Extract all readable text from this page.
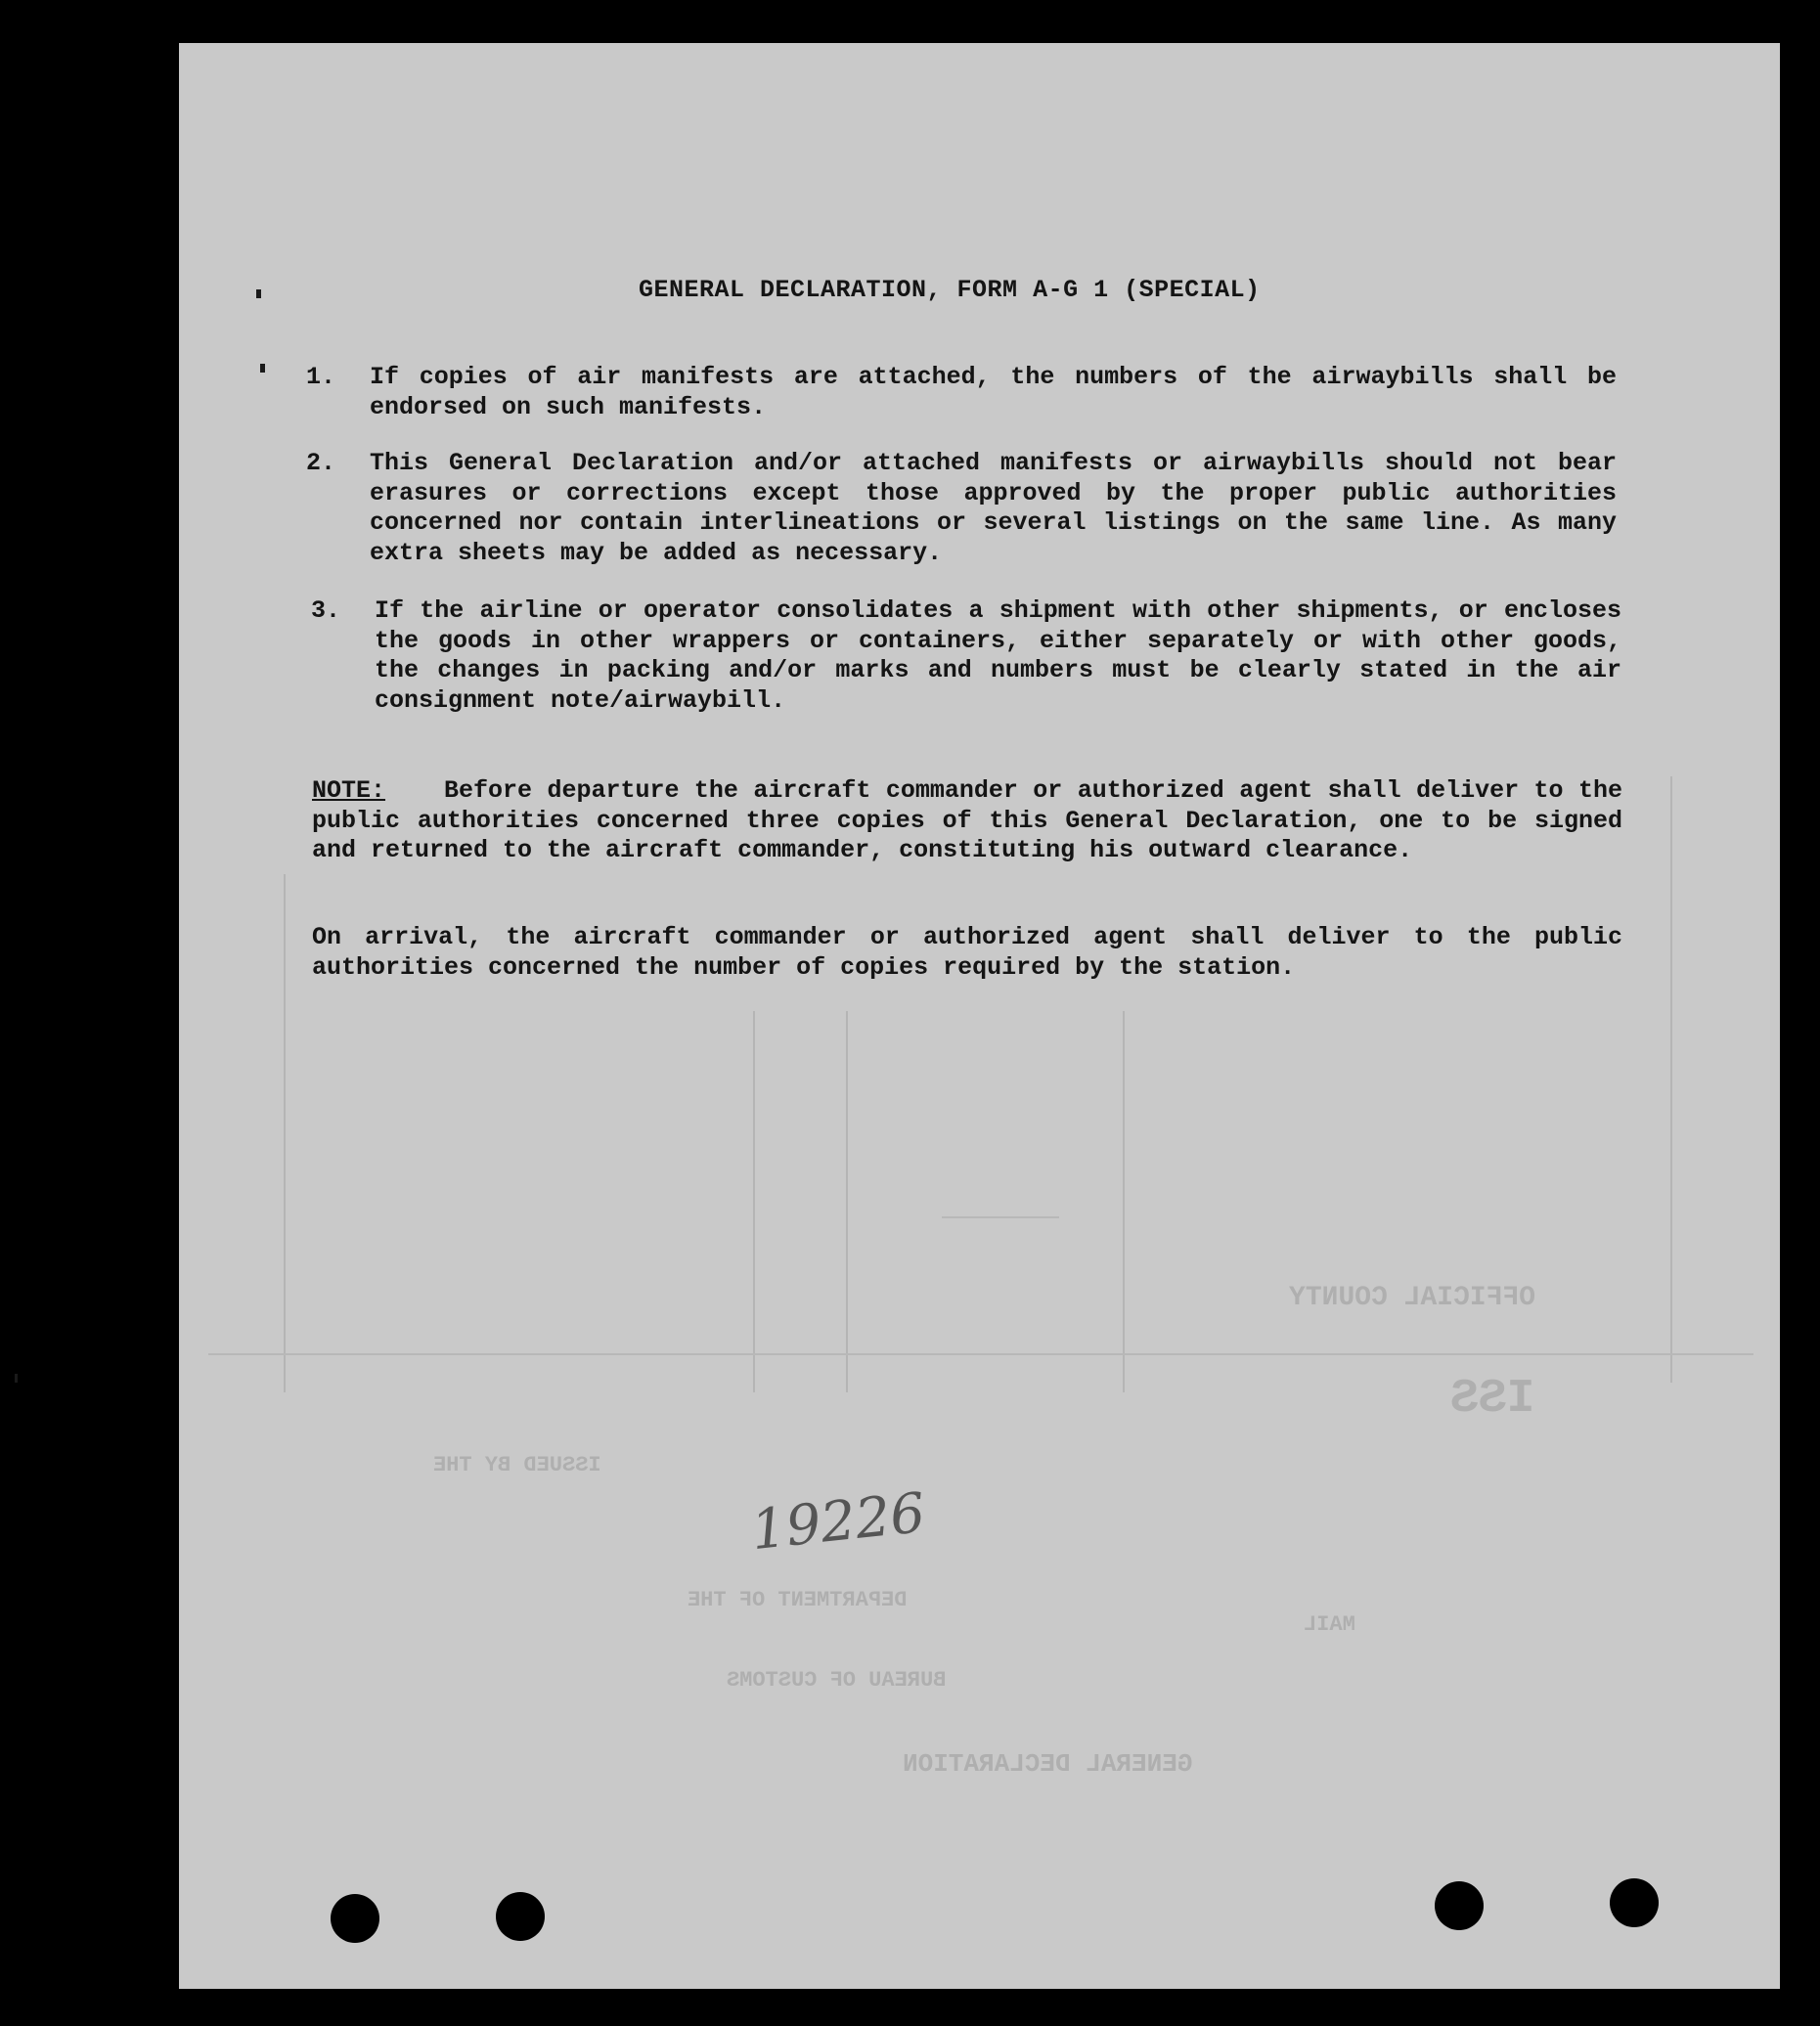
ISS
OFFICIAL COUNTY
ISSUED BY THE
DEPARTMENT OF THE
BUREAU OF CUSTOMS
GENERAL DECLARATION
MAIL
GENERAL DECLARATION, FORM A-G 1 (SPECIAL)
1. If copies of air manifests are attached, the numbers of the airwaybills shall be endorsed on such manifests.
2. This General Declaration and/or attached manifests or airwaybills should not bear erasures or corrections except those approved by the proper public authorities concerned nor contain interlineations or several listings on the same line. As many extra sheets may be added as necessary.
3. If the airline or operator consolidates a shipment with other shipments, or encloses the goods in other wrappers or containers, either separately or with other goods, the changes in packing and/or marks and numbers must be clearly stated in the air consignment note/airwaybill.
NOTE: Before departure the aircraft commander or authorized agent shall deliver to the public authorities concerned three copies of this General Declaration, one to be signed and returned to the aircraft commander, constituting his outward clearance.
On arrival, the aircraft commander or authorized agent shall deliver to the public authorities concerned the number of copies required by the station.
19226
